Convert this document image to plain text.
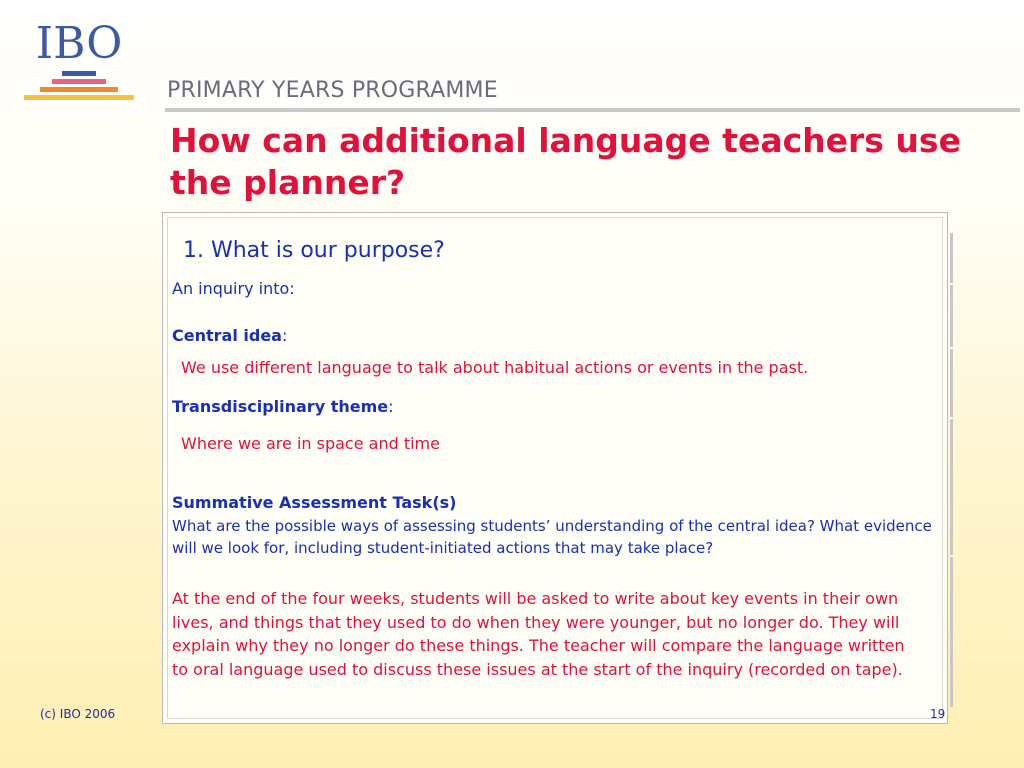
IBO
PRIMARY YEARS PROGRAMME
How can additional language teachers use the planner?
1. What is our purpose?
An inquiry into:
Central idea:
We use different language to talk about habitual actions or events in the past.
Transdisciplinary theme:
Where we are in space and time
Summative Assessment Task(s)
What are the possible ways of assessing students’ understanding of the central idea? What evidence will we look for, including student-initiated actions that may take place?
At the end of the four weeks, students will be asked to write about key events in their own lives, and things that they used to do when they were younger, but no longer do. They will explain why they no longer do these things. The teacher will compare the language written to oral language used to discuss these issues at the start of the inquiry (recorded on tape).
(c) IBO 2006	19
